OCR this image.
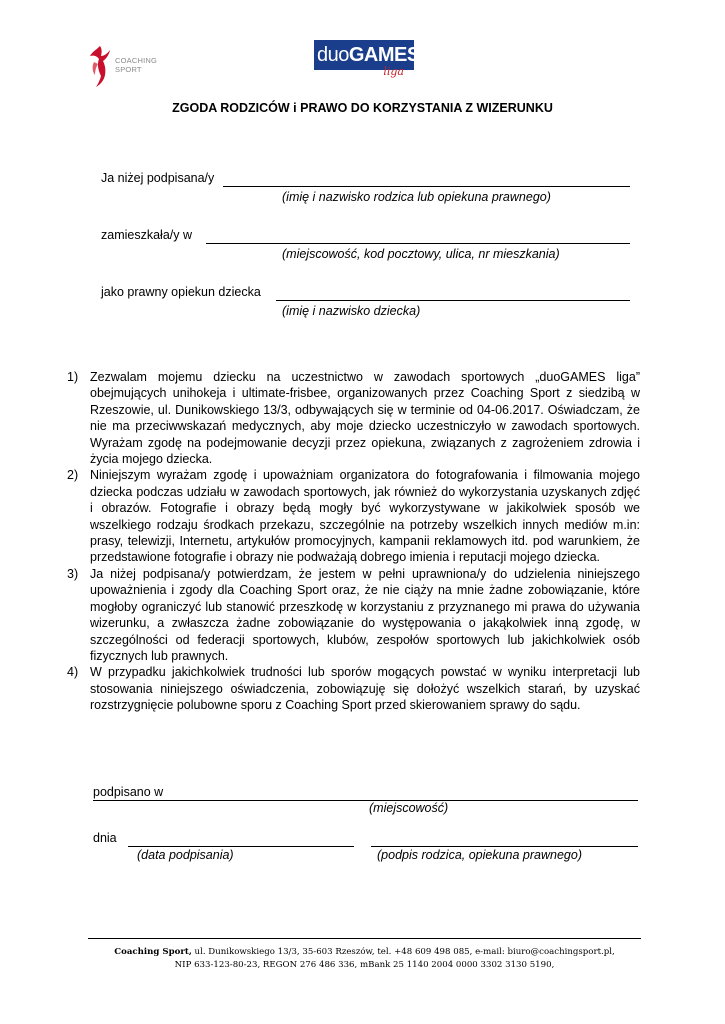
COACHING
SPORT
duoGAMES
liga
ZGODA RODZICÓW i PRAWO DO KORZYSTANIA Z WIZERUNKU
Ja niżej podpisana/y
(imię i nazwisko rodzica lub opiekuna prawnego)
zamieszkała/y w
(miejscowość, kod pocztowy, ulica, nr mieszkania)
jako prawny opiekun dziecka
(imię i nazwisko dziecka)
1) Zezwalam mojemu dziecku na uczestnictwo w zawodach sportowych „duoGAMES liga” obejmujących unihokeja i ultimate-frisbee, organizowanych przez Coaching Sport z siedzibą w Rzeszowie, ul. Dunikowskiego 13/3, odbywających się w terminie od 04-06.2017. Oświadczam, że nie ma przeciwwskazań medycznych, aby moje dziecko uczestniczyło w zawodach sportowych. Wyrażam zgodę na podejmowanie decyzji przez opiekuna, związanych z zagrożeniem zdrowia i życia mojego dziecka.
2) Niniejszym wyrażam zgodę i upoważniam organizatora do fotografowania i filmowania mojego dziecka podczas udziału w zawodach sportowych, jak również do wykorzystania uzyskanych zdjęć i obrazów. Fotografie i obrazy będą mogły być wykorzystywane w jakikolwiek sposób we wszelkiego rodzaju środkach przekazu, szczególnie na potrzeby wszelkich innych mediów m.in: prasy, telewizji, Internetu, artykułów promocyjnych, kampanii reklamowych itd. pod warunkiem, że przedstawione fotografie i obrazy nie podważają dobrego imienia i reputacji mojego dziecka.
3) Ja niżej podpisana/y potwierdzam, że jestem w pełni uprawniona/y do udzielenia niniejszego upoważnienia i zgody dla Coaching Sport oraz, że nie ciąży na mnie żadne zobowiązanie, które mogłoby ograniczyć lub stanowić przeszkodę w korzystaniu z przyznanego mi prawa do używania wizerunku, a zwłaszcza żadne zobowiązanie do występowania o jakąkolwiek inną zgodę, w szczególności od federacji sportowych, klubów, zespołów sportowych lub jakichkolwiek osób fizycznych lub prawnych.
4) W przypadku jakichkolwiek trudności lub sporów mogących powstać w wyniku interpretacji lub stosowania niniejszego oświadczenia, zobowiązuję się dołożyć wszelkich starań, by uzyskać rozstrzygnięcie polubowne sporu z Coaching Sport przed skierowaniem sprawy do sądu.
podpisano w
(miejscowość)
dnia
(data podpisania)	(podpis rodzica, opiekuna prawnego)
Coaching Sport, ul. Dunikowskiego 13/3, 35-603 Rzeszów, tel. +48 609 498 085, e-mail: biuro@coachingsport.pl,
NIP 633-123-80-23, REGON 276 486 336, mBank 25 1140 2004 0000 3302 3130 5190,
